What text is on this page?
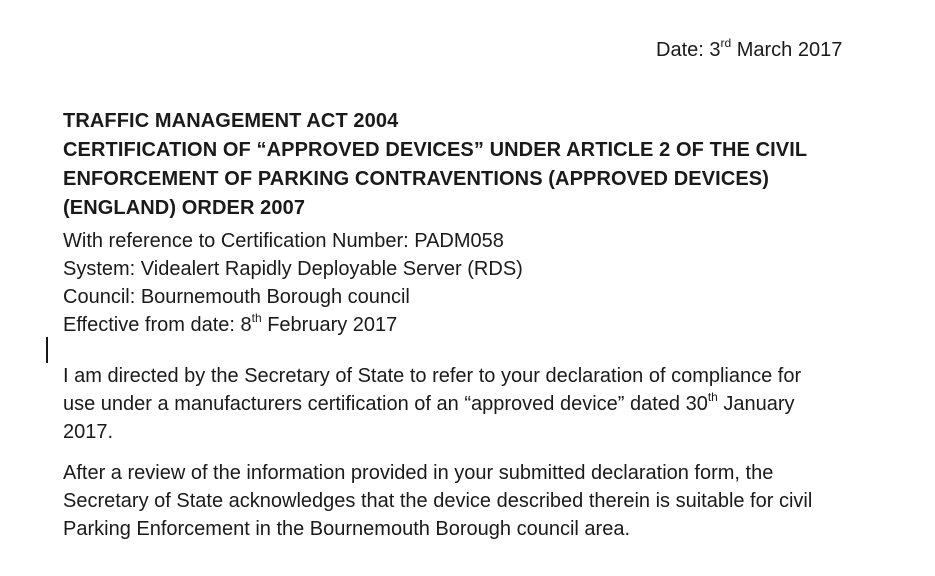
Date: 3rd March 2017
TRAFFIC MANAGEMENT ACT 2004
CERTIFICATION OF “APPROVED DEVICES” UNDER ARTICLE 2 OF THE CIVIL
ENFORCEMENT OF PARKING CONTRAVENTIONS (APPROVED DEVICES)
(ENGLAND) ORDER 2007
With reference to Certification Number: PADM058
System: Videalert Rapidly Deployable Server (RDS)
Council: Bournemouth Borough council
Effective from date: 8th February 2017
I am directed by the Secretary of State to refer to your declaration of compliance for
use under a manufacturers certification of an “approved device” dated 30th January
2017.
After a review of the information provided in your submitted declaration form, the
Secretary of State acknowledges that the device described therein is suitable for civil
Parking Enforcement in the Bournemouth Borough council area.
